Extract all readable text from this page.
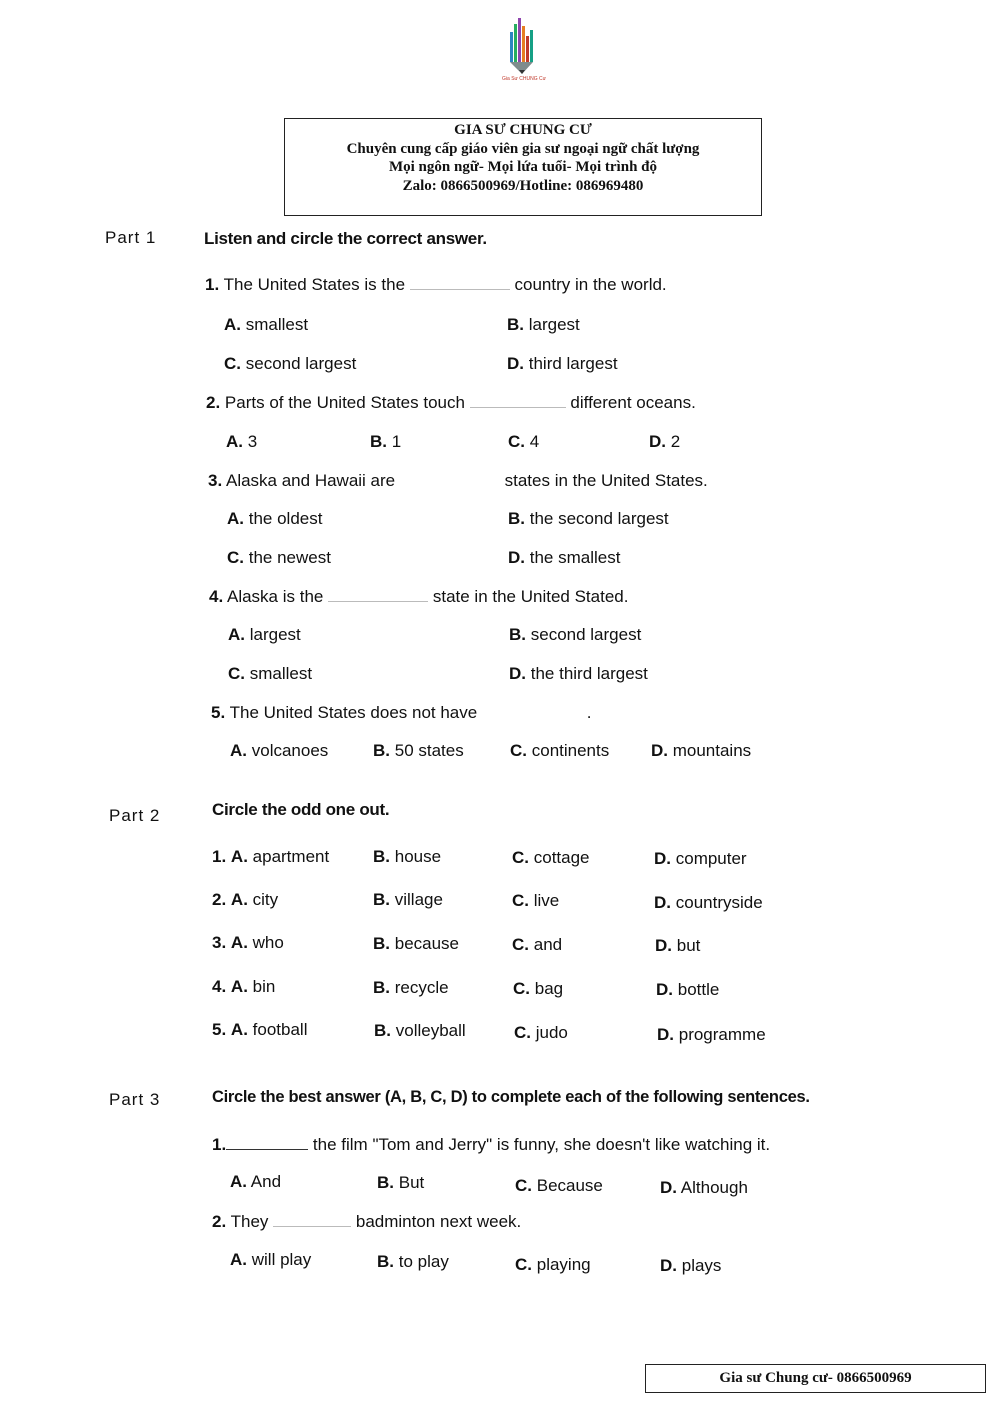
Gia Sư CHUNG Cư
GIA SƯ CHUNG CƯ
Chuyên cung cấp giáo viên gia sư ngoại ngữ chất lượng
Mọi ngôn ngữ- Mọi lứa tuổi- Mọi trình độ
Zalo: 0866500969/Hotline: 086969480
Part 1	Listen and circle the correct answer.
1. The United States is the	country in the world.
A. smallest	B. largest
C. second largest	D. third largest
2. Parts of the United States touch	different oceans.
A. 3	B. 1	C. 4	D. 2
3. Alaska and Hawaii are	states in the United States.
A. the oldest	B. the second largest
C. the newest	D. the smallest
4. Alaska is the	state in the United Stated.
A. largest	B. second largest
C. smallest	D. the third largest
5. The United States does not have	.
A. volcanoes	B. 50 states	C. continents D. mountains
Part 2	Circle the odd one out.
1. A. apartment	B. house	C. cottage	D. computer
2. A. city	B. village	C. live	D. countryside
3. A. who	B. because	C. and	D. but
4. A. bin	B. recycle	C. bag	D. bottle
5. A. football	B. volleyball	C. judo	D. programme
Part 3	Circle the best answer (A, B, C, D) to complete each of the following sentences.
1.	the film "Tom and Jerry" is funny, she doesn't like watching it.
A. And	B. But	C. Because	D. Although
2. They	badminton next week.
A. will play	B. to play	C. playing	D. plays
Gia sư Chung cư- 0866500969
